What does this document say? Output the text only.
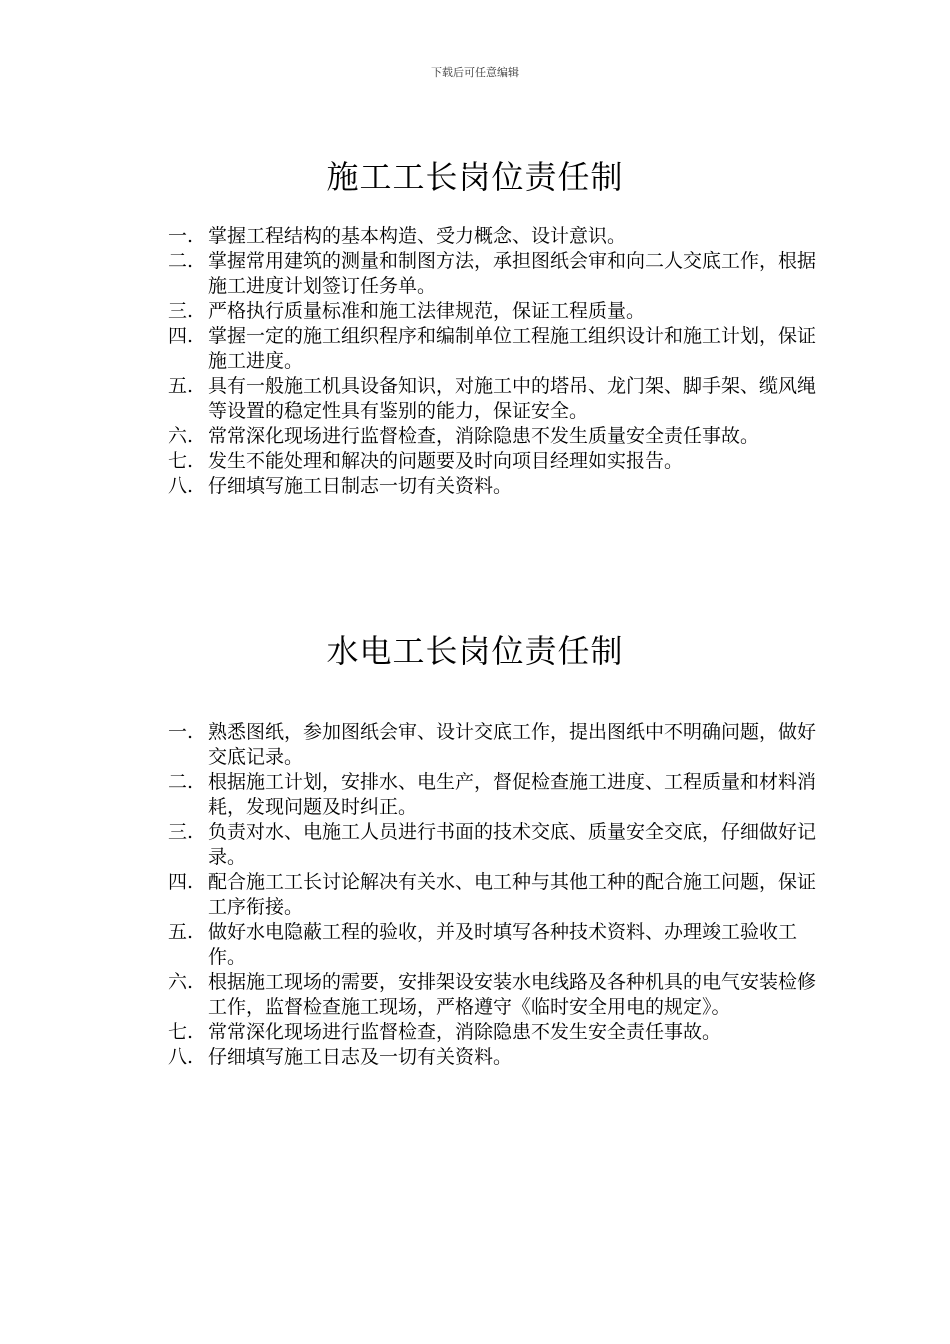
下载后可任意编辑
施工工长岗位责任制
一. 掌握工程结构的基本构造、受力概念、设计意识。
二. 掌握常用建筑的测量和制图方法，承担图纸会审和向二人交底工作，根据施工进度计划签订任务单。
三. 严格执行质量标准和施工法律规范，保证工程质量。
四. 掌握一定的施工组织程序和编制单位工程施工组织设计和施工计划，保证施工进度。
五. 具有一般施工机具设备知识，对施工中的塔吊、龙门架、脚手架、缆风绳等设置的稳定性具有鉴别的能力，保证安全。
六. 常常深化现场进行监督检查，消除隐患不发生质量安全责任事故。
七. 发生不能处理和解决的问题要及时向项目经理如实报告。
八. 仔细填写施工日制志一切有关资料。
水电工长岗位责任制
一. 熟悉图纸，参加图纸会审、设计交底工作，提出图纸中不明确问题，做好交底记录。
二. 根据施工计划，安排水、电生产，督促检查施工进度、工程质量和材料消耗，发现问题及时纠正。
三. 负责对水、电施工人员进行书面的技术交底、质量安全交底，仔细做好记录。
四. 配合施工工长讨论解决有关水、电工种与其他工种的配合施工问题，保证工序衔接。
五. 做好水电隐蔽工程的验收，并及时填写各种技术资料、办理竣工验收工作。
六. 根据施工现场的需要，安排架设安装水电线路及各种机具的电气安装检修工作，监督检查施工现场，严格遵守《临时安全用电的规定》。
七. 常常深化现场进行监督检查，消除隐患不发生安全责任事故。
八. 仔细填写施工日志及一切有关资料。
